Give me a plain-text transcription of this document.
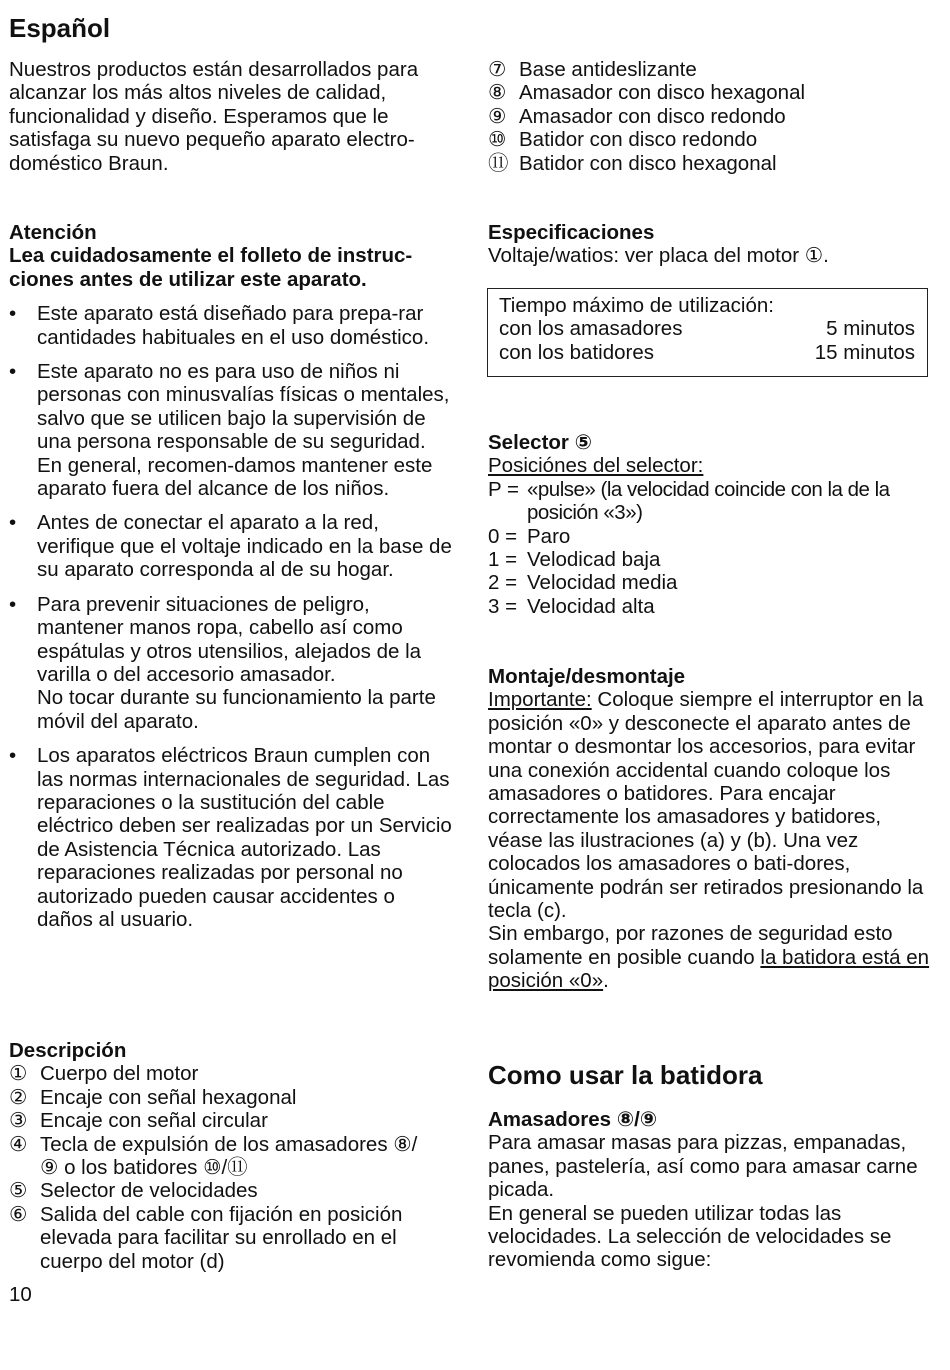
Español

Nuestros productos están desarrollados para alcanzar los más altos niveles de calidad, funcionalidad y diseño. Esperamos que le satisfaga su nuevo pequeño aparato electro-doméstico Braun.

Atención

Lea cuidadosamente el folleto de instruc-ciones antes de utilizar este aparato.

• Este aparato está diseñado para prepa-rar cantidades habituales en el uso doméstico.
• Este aparato no es para uso de niños ni personas con minusvalías físicas o mentales, salvo que se utilicen bajo la supervisión de una persona responsable de su seguridad. En general, recomen-damos mantener este aparato fuera del alcance de los niños.
• Antes de conectar el aparato a la red, verifique que el voltaje indicado en la base de su aparato corresponda al de su hogar.
• Para prevenir situaciones de peligro, mantener manos ropa, cabello así como espátulas y otros utensilios, alejados de la varilla o del accesorio amasador.
No tocar durante su funcionamiento la parte móvil del aparato.
• Los aparatos eléctricos Braun cumplen con las normas internacionales de seguridad. Las reparaciones o la sustitución del cable eléctrico deben ser realizadas por un Servicio de Asistencia Técnica autorizado. Las reparaciones realizadas por personal no autorizado pueden causar accidentes o daños al usuario.

Descripción

① Cuerpo del motor
② Encaje con señal hexagonal
③ Encaje con señal circular
④ Tecla de expulsión de los amasadores ⑧/⑨ o los batidores ⑩/⑪
⑤ Selector de velocidades
⑥ Salida del cable con fijación en posición elevada para facilitar su enrollado en el cuerpo del motor (d)
10
⑦ Base antideslizante
⑧ Amasador con disco hexagonal
⑨ Amasador con disco redondo
⑩ Batidor con disco redondo
⑪ Batidor con disco hexagonal

Especificaciones

Voltaje/watios: ver placa del motor ①.

Tiempo máximo de utilización:

con los amasadores	5 minutos
con los batidores	15 minutos

Selector ⑤

Posiciónes del selector:

P = «pulse» (la velocidad coincide con la de la posición «3»)
0 = Paro
1 = Velodicad baja
2 = Velocidad media
3 = Velocidad alta

Montaje/desmontaje

Importante: Coloque siempre el interruptor en la posición «0» y desconecte el aparato antes de montar o desmontar los accesorios, para evitar una conexión accidental cuando coloque los amasadores o batidores. Para encajar correctamente los amasadores y batidores, véase las ilustraciones (a) y (b). Una vez colocados los amasadores o bati-dores, únicamente podrán ser retirados presionando la tecla (c).

Sin embargo, por razones de seguridad esto solamente en posible cuando la batidora está en posición «0».

Como usar la batidora

Amasadores ⑧/⑨

Para amasar masas para pizzas, empanadas, panes, pastelería, así como para amasar carne picada.

En general se pueden utilizar todas las velocidades. La selección de velocidades se revomienda como sigue:
